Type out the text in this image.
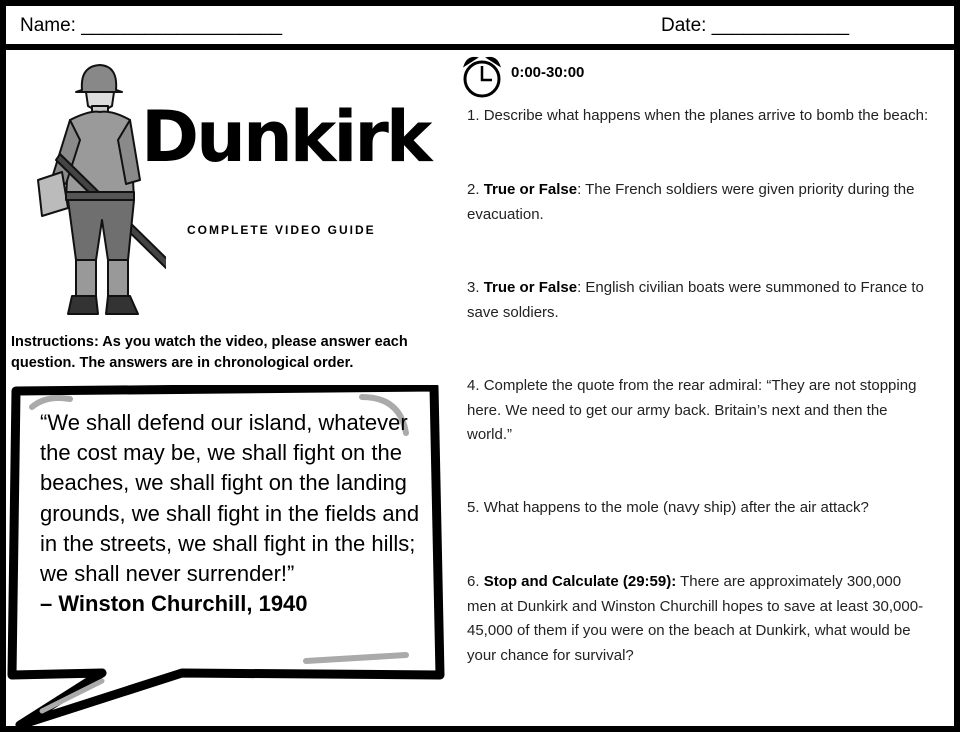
Name: ___________________	Date: _____________
Dunkirk
COMPLETE VIDEO GUIDE
Instructions: As you watch the video, please answer each question. The answers are in chronological order.
“We shall defend our island, whatever the cost may be, we shall fight on the beaches, we shall fight on the landing grounds, we shall fight in the fields and in the streets, we shall fight in the hills; we shall never surrender!”
– Winston Churchill, 1940
0:00-30:00
1. Describe what happens when the planes arrive to bomb the beach:
2. True or False: The French soldiers were given priority during the evacuation.
3. True or False: English civilian boats were summoned to France to save soldiers.
4. Complete the quote from the rear admiral: “They are not stopping here. We need to get our army back. Britain’s next and then the world.”
5. What happens to the mole (navy ship) after the air attack?
6. Stop and Calculate (29:59): There are approximately 300,000 men at Dunkirk and Winston Churchill hopes to save at least 30,000-45,000 of them if you were on the beach at Dunkirk, what would be your chance for survival?
